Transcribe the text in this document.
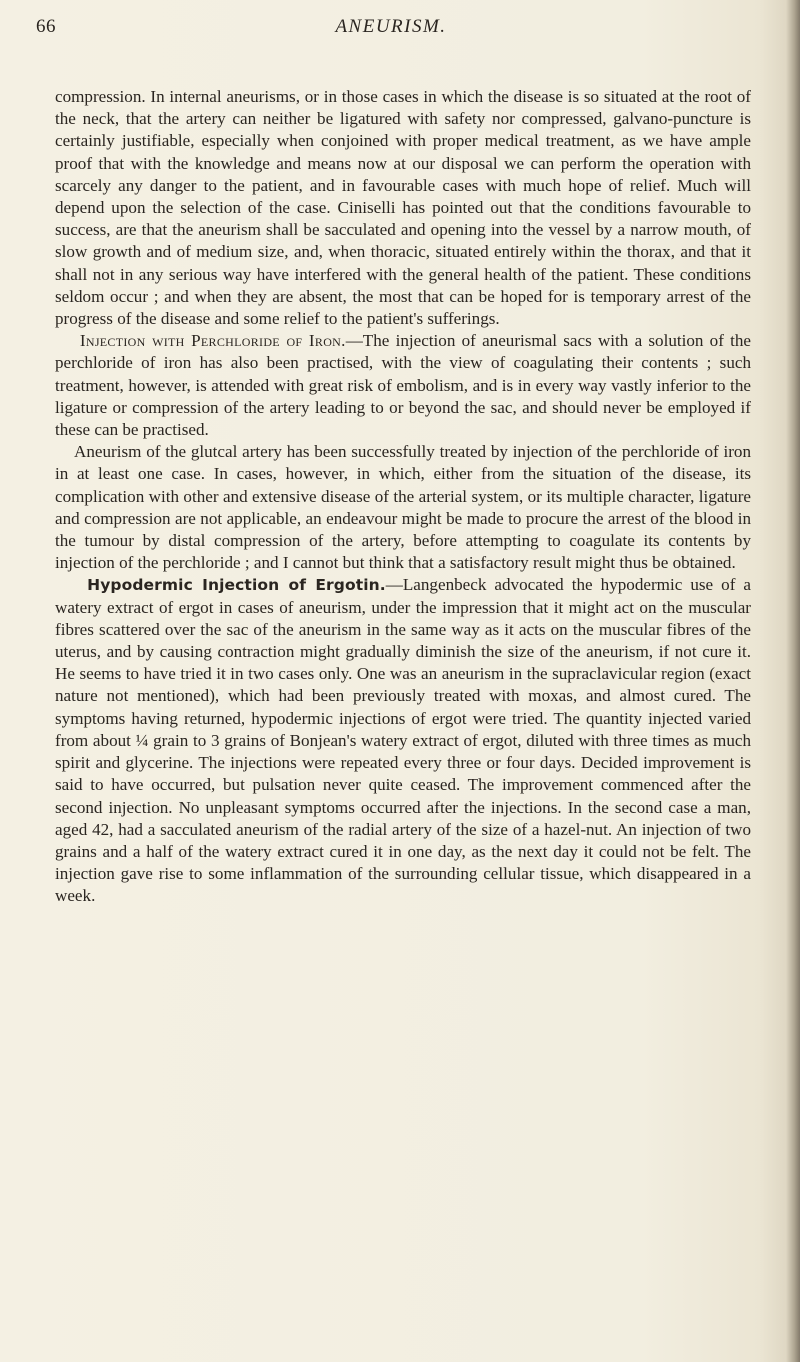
66	ANEURISM.

compression. In internal aneurisms, or in those cases in which the disease is so situated at the root of the neck, that the artery can neither be ligatured with safety nor compressed, galvano-puncture is certainly justifiable, especially when conjoined with proper medical treatment, as we have ample proof that with the knowledge and means now at our disposal we can perform the operation with scarcely any danger to the patient, and in favourable cases with much hope of relief. Much will depend upon the selection of the case. Ciniselli has pointed out that the conditions favourable to success, are that the aneurism shall be sacculated and opening into the vessel by a narrow mouth, of slow growth and of medium size, and, when thoracic, situated entirely within the thorax, and that it shall not in any serious way have interfered with the general health of the patient. These conditions seldom occur ; and when they are absent, the most that can be hoped for is temporary arrest of the progress of the disease and some relief to the patient's sufferings.

Injection with Perchloride of Iron.—The injection of aneurismal sacs with a solution of the perchloride of iron has also been practised, with the view of coagulating their contents ; such treatment, however, is attended with great risk of embolism, and is in every way vastly inferior to the ligature or compression of the artery leading to or beyond the sac, and should never be employed if these can be practised.

Aneurism of the glutcal artery has been successfully treated by injection of the perchloride of iron in at least one case. In cases, however, in which, either from the situation of the disease, its complication with other and extensive disease of the arterial system, or its multiple character, ligature and compression are not applicable, an endeavour might be made to procure the arrest of the blood in the tumour by distal compression of the artery, before attempting to coagulate its contents by injection of the perchloride ; and I cannot but think that a satisfactory result might thus be obtained.

Hypodermic Injection of Ergotin.—Langenbeck advocated the hypodermic use of a watery extract of ergot in cases of aneurism, under the impression that it might act on the muscular fibres scattered over the sac of the aneurism in the same way as it acts on the muscular fibres of the uterus, and by causing contraction might gradually diminish the size of the aneurism, if not cure it. He seems to have tried it in two cases only. One was an aneurism in the supraclavicular region (exact nature not mentioned), which had been previously treated with moxas, and almost cured. The symptoms having returned, hypodermic injections of ergot were tried. The quantity injected varied from about ¼ grain to 3 grains of Bonjean's watery extract of ergot, diluted with three times as much spirit and glycerine. The injections were repeated every three or four days. Decided improvement is said to have occurred, but pulsation never quite ceased. The improvement commenced after the second injection. No unpleasant symptoms occurred after the injections. In the second case a man, aged 42, had a sacculated aneurism of the radial artery of the size of a hazel-nut. An injection of two grains and a half of the watery extract cured it in one day, as the next day it could not be felt. The injection gave rise to some inflammation of the surrounding cellular tissue, which disappeared in a week.
